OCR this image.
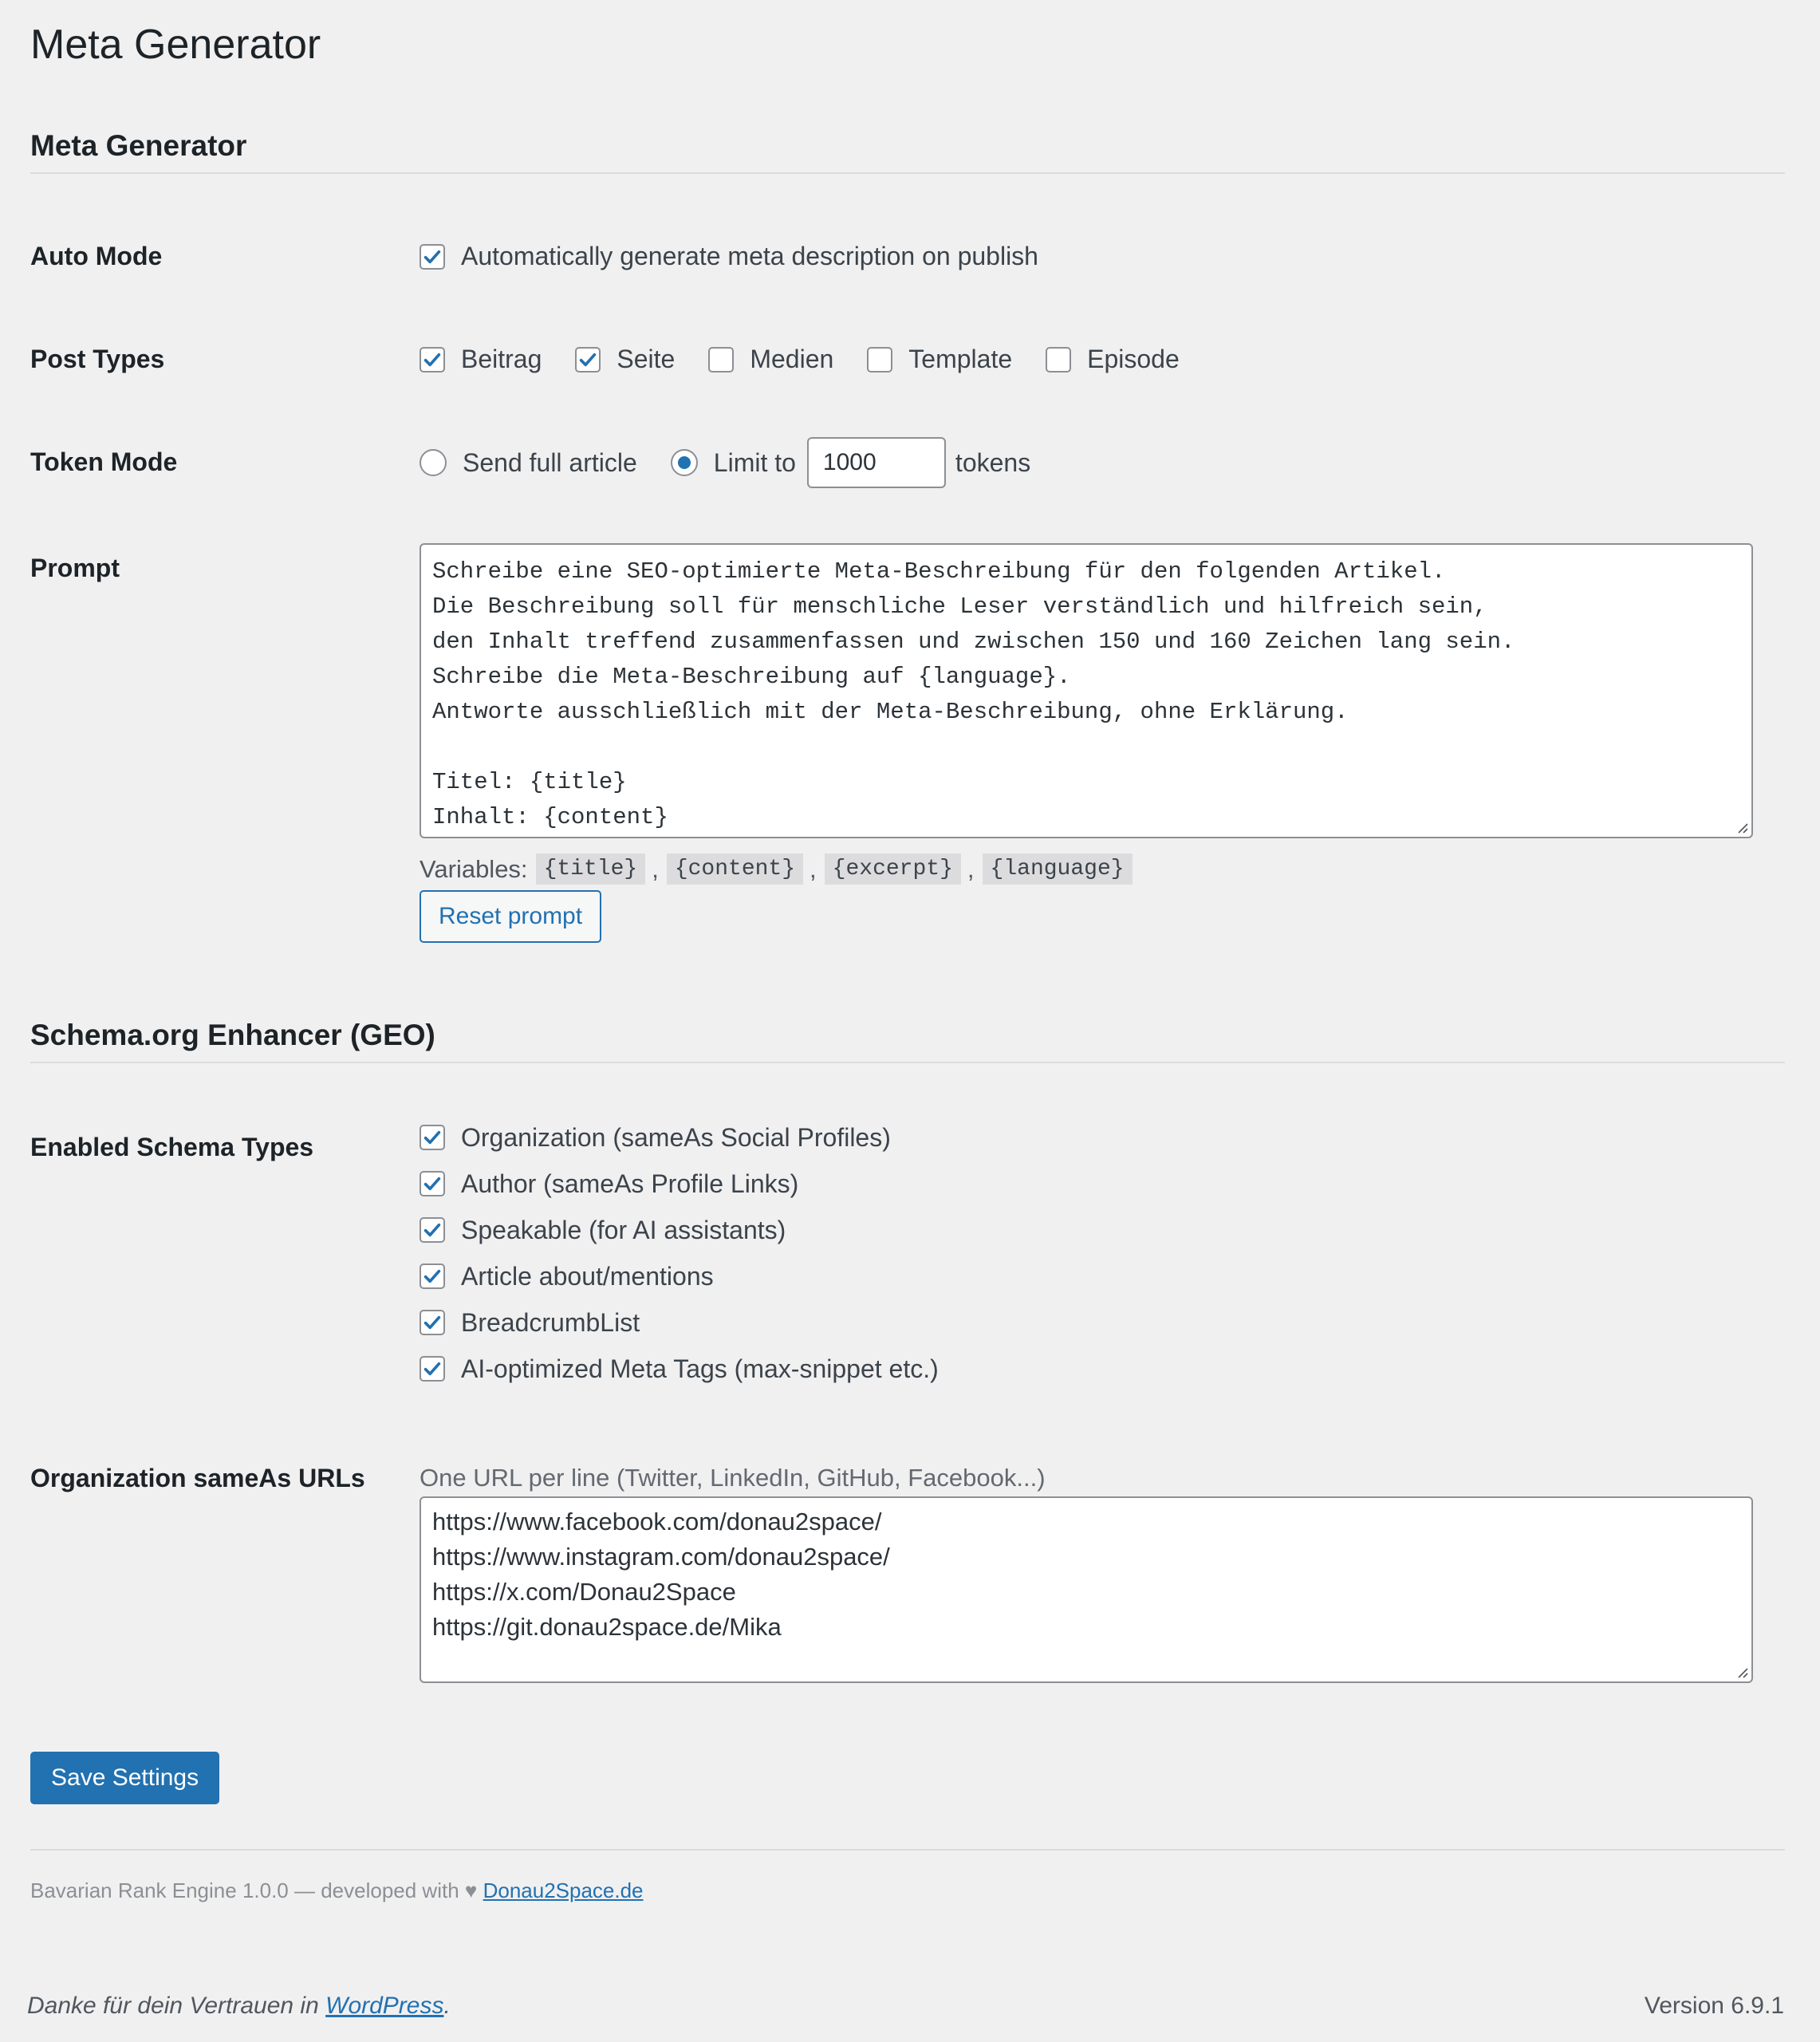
Meta Generator
Meta Generator
Auto Mode	Automatically generate meta description on publish
Post Types	Beitrag	Seite	Medien	Template	Episode
Token Mode	Send full article	Limit to	1000	tokens
Prompt	Schreibe eine SEO-optimierte Meta-Beschreibung für den folgenden Artikel.
Die Beschreibung soll für menschliche Leser verständlich und hilfreich sein,
den Inhalt treffend zusammenfassen und zwischen 150 und 160 Zeichen lang sein.
Schreibe die Meta-Beschreibung auf {language}.
Antworte ausschließlich mit der Meta-Beschreibung, ohne Erklärung.
Titel: {title}
Inhalt: {content}
Variables: {title} , {content} , {excerpt} , {language}
Reset prompt
Schema.org Enhancer (GEO)
Enabled Schema Types	Organization (sameAs Social Profiles)
Author (sameAs Profile Links)
Speakable (for AI assistants)
Article about/mentions
BreadcrumbList
AI-optimized Meta Tags (max-snippet etc.)
Organization sameAs URLs One URL per line (Twitter, LinkedIn, GitHub, Facebook...)
https://www.facebook.com/donau2space/
https://www.instagram.com/donau2space/
https://x.com/Donau2Space
https://git.donau2space.de/Mika
Save Settings
Bavarian Rank Engine 1.0.0 — developed with ♥ Donau2Space.de
Danke für dein Vertrauen in WordPress.	Version 6.9.1
